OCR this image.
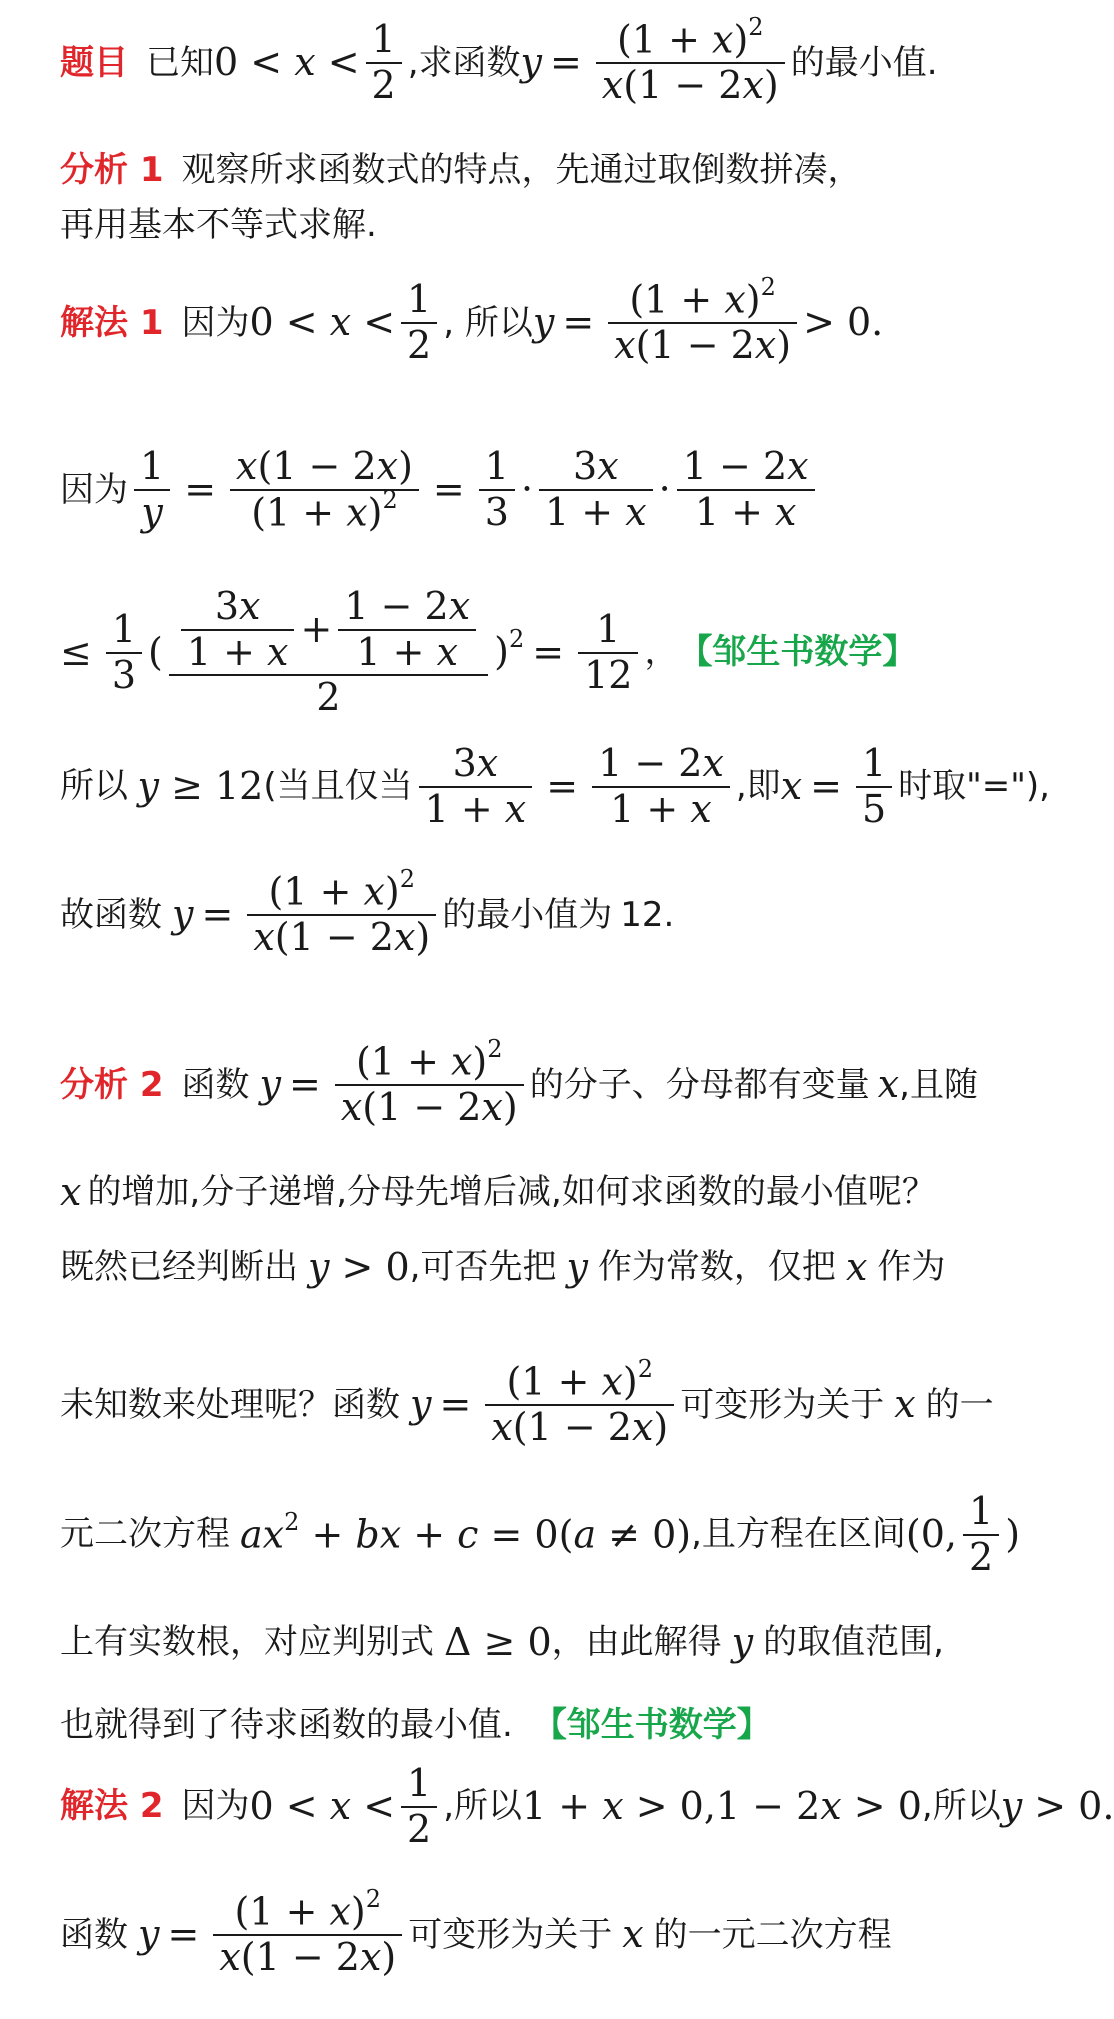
题目 已知 $0 < x < \frac{1}{2}$ ,求函数 $y = \frac{(1 + x)^2}{x(1 - 2x)}$ 的最小值.
分析 1 观察所求函数式的特点，先通过取倒数拼凑，
再用基本不等式求解.
解法 1 因为 $0 < x < \frac{1}{2}$ , 所以 $y = \frac{(1 + x)^2}{x(1 - 2x)} > 0$.
因为 $\frac{1}{y} = \frac{x(1 - 2x)}{(1 + x)^2} = \frac{1}{3} \cdot \frac{3x}{1 + x} \cdot \frac{1 - 2x}{1 + x}$
≤ $\frac{1}{3}$ ( $\frac{\frac{3x}{1 + x} + \frac{1 - 2x}{1 + x}}{2} )^2 = \frac{1}{12}$ ， 【邹生书数学】
所以 y ≥ 12 (当且仅当 $\frac{3x}{1 + x} = \frac{1 - 2x}{1 + x}$ ,即 $x = \frac{1}{5}$ 时取"="),
故函数 $y = \frac{(1 + x)^2}{x(1 - 2x)}$ 的最小值为 12.
分析 2 函数 $y = \frac{(1 + x)^2}{x(1 - 2x)}$ 的分子、分母都有变量 x ,且随
x 的增加,分子递增,分母先增后减,如何求函数的最小值呢？
既然已经判断出 y > 0 ,可否先把 y 作为常数，仅把 x 作为
未知数来处理呢？函数 $y = \frac{(1 + x)^2}{x(1 - 2x)}$ 可变形为关于 x 的一
元二次方程 $ax^2$ + bx + c = 0(a ≠ 0) ,且方程在区间 (0, $\frac{1}{2}$ )
上有实数根，对应判别式 Δ ≥ 0 ，由此解得 y 的取值范围,
也就得到了待求函数的最小值. 【邹生书数学】
解法 2 因为 $0 < x < \frac{1}{2}$ ,所以 1 + x > 0,1 − 2x > 0 ,所以 y > 0.
函数 $y = \frac{(1 + x)^2}{x(1 - 2x)}$ 可变形为关于 x 的一元二次方程
